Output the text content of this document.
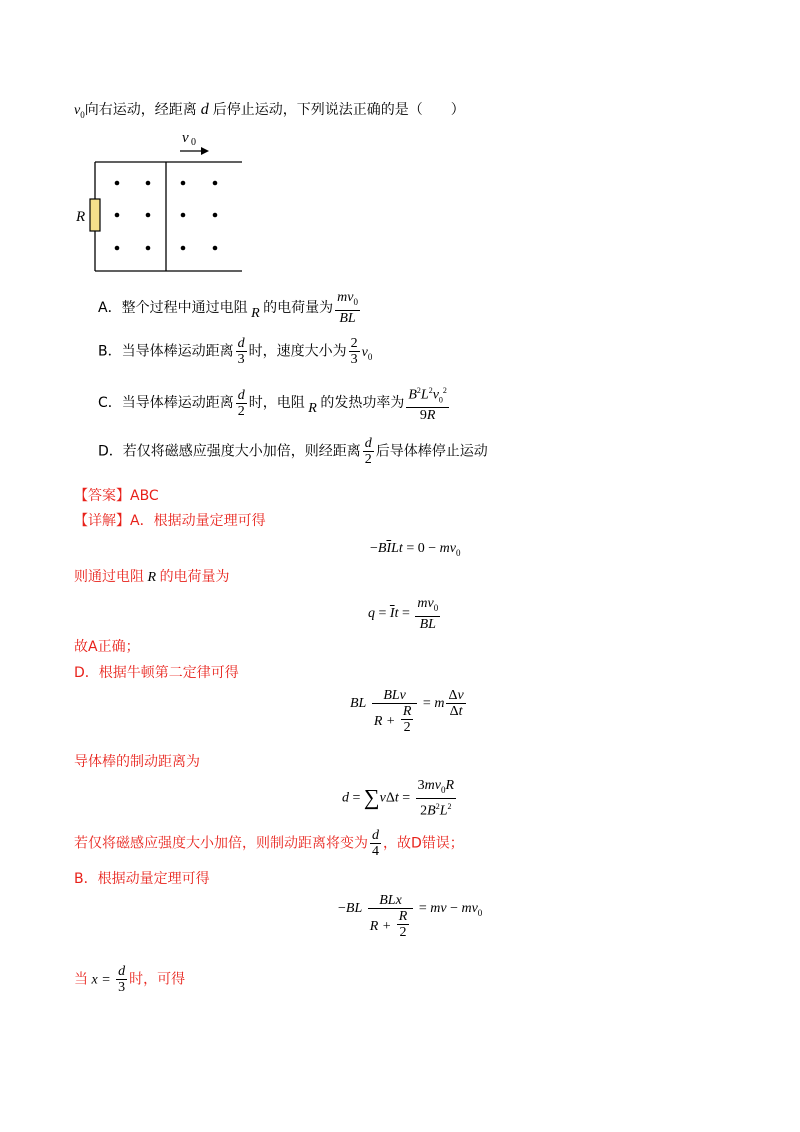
$v_0$向右运动，经距离 d 后停止运动，下列说法正确的是（　　）
v 0
R
A．整个过程中通过电阻 R 的电荷量为 $\frac{mv_0}{BL}$
B．当导体棒运动距离 $\frac{d}{3}$ 时，速度大小为 $\frac{2}{3} v_0$
C．当导体棒运动距离 $\frac{d}{2}$ 时，电阻 R 的发热功率为 $\frac{B^2L^2v_0^2}{9R}$
D．若仅将磁感应强度大小加倍，则经距离 $\frac{d}{2}$ 后导体棒停止运动
【答案】ABC
【详解】A．根据动量定理可得
$-B\overline{I}Lt = 0 - mv_0$
则通过电阻 R 的电荷量为
$q = \overline{I}t = \frac{mv_0}{BL}$
故A正确；
D．根据牛顿第二定律可得
BL $\frac{\text{BLv}}{R + \frac{R}{2}} = m \frac{\Delta v}{\Delta t}$
导体棒的制动距离为
$d = \sum v\Delta t = \frac{3mv_0R}{2B^2L^2}$
若仅将磁感应强度大小加倍，则制动距离将变为 $\frac{d}{4}$ ，故D错误；
B．根据动量定理可得
$-BL \frac{\text{BLx}}{R + \frac{R}{2}}$ = mv − $mv_0$
当 $x = \frac{d}{3}$ 时，可得
